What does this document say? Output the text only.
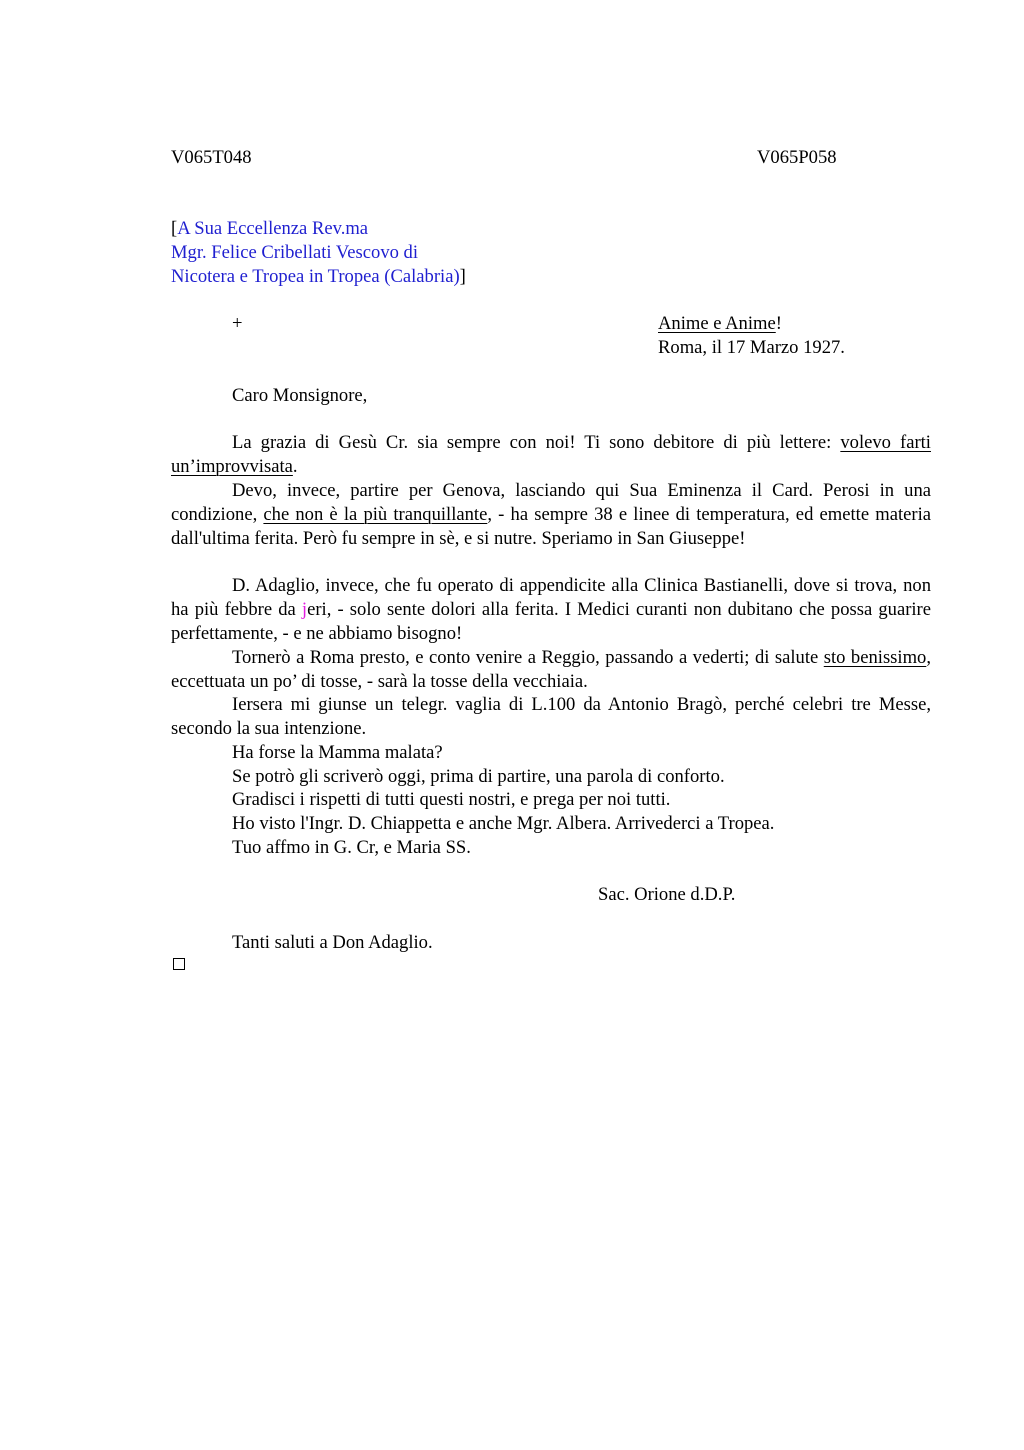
V065T048	V065P058
[A Sua Eccellenza Rev.ma
Mgr. Felice Cribellati Vescovo di
Nicotera e Tropea in Tropea (Calabria)]
+	Anime e Anime!
Roma, il 17 Marzo 1927.
Caro Monsignore,
La grazia di Gesù Cr. sia sempre con noi! Ti sono debitore di più lettere: volevo farti un’improvvisata.
Devo, invece, partire per Genova, lasciando qui Sua Eminenza il Card. Perosi in una condizione, che non è la più tranquillante, - ha sempre 38 e linee di temperatura, ed emette materia dall'ultima ferita. Però fu sempre in sè, e si nutre. Speriamo in San Giuseppe!
D. Adaglio, invece, che fu operato di appendicite alla Clinica Bastianelli, dove si trova, non ha più febbre da jeri, - solo sente dolori alla ferita. I Medici curanti non dubitano che possa guarire perfettamente, - e ne abbiamo bisogno!
Tornerò a Roma presto, e conto venire a Reggio, passando a vederti; di salute sto benissimo, eccettuata un po’ di tosse, - sarà la tosse della vecchiaia.
Iersera mi giunse un telegr. vaglia di L.100 da Antonio Bragò, perché celebri tre Messe, secondo la sua intenzione.
Ha forse la Mamma malata?
Se potrò gli scriverò oggi, prima di partire, una parola di conforto.
Gradisci i rispetti di tutti questi nostri, e prega per noi tutti.
Ho visto l'Ingr. D. Chiappetta e anche Mgr. Albera. Arrivederci a Tropea.
Tuo affmo in G. Cr, e Maria SS.
Sac. Orione d.D.P.
Tanti saluti a Don Adaglio.
